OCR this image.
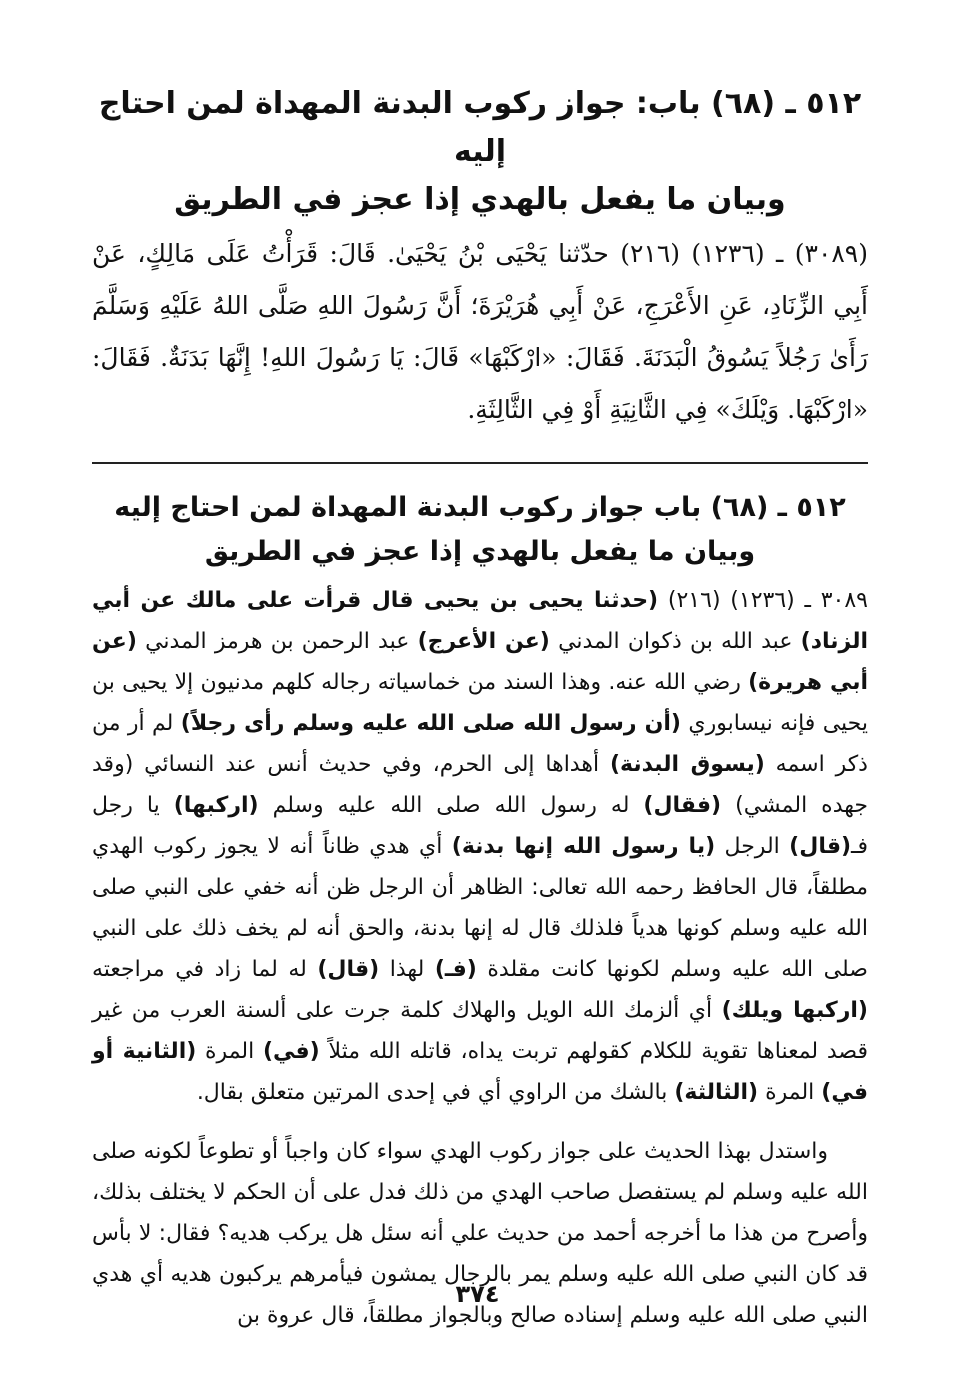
٥١٢ ـ (٦٨) باب: جواز ركوب البدنة المهداة لمن احتاج إليه
وبيان ما يفعل بالهدي إذا عجز في الطريق

(٣٠٨٩) ـ (١٢٣٦) (٢١٦) حدّثنا يَحْيَى بْنُ يَحْيَىٰ. قَالَ: قَرَأْتُ عَلَى مَالِكٍ، عَنْ أَبِي الزِّنَادِ، عَنِ الأَعْرَجِ، عَنْ أَبِي هُرَيْرَةَ؛ أَنَّ رَسُولَ اللهِ صَلَّى اللهُ عَلَيْهِ وَسَلَّمَ رَأَىٰ رَجُلاً يَسُوقُ الْبَدَنَةَ. فَقَالَ: «ارْكَبْهَا» قَالَ: يَا رَسُولَ اللهِ! إِنَّهَا بَدَنَةٌ. فَقَالَ: «ارْكَبْهَا. وَيْلَكَ» فِي الثَّانِيَةِ أَوْ فِي الثَّالِثَةِ.

٥١٢ ـ (٦٨) باب جواز ركوب البدنة المهداة لمن احتاج إليه
وبيان ما يفعل بالهدي إذا عجز في الطريق

٣٠٨٩ ـ (١٢٣٦) (٢١٦) (حدثنا يحيى بن يحيى قال قرأت على مالك عن أبي الزناد) عبد الله بن ذكوان المدني (عن الأعرج) عبد الرحمن بن هرمز المدني (عن أبي هريرة) رضي الله عنه. وهذا السند من خماسياته رجاله كلهم مدنيون إلا يحيى بن يحيى فإنه نيسابوري (أن رسول الله صلى الله عليه وسلم رأى رجلاً) لم أر من ذكر اسمه (يسوق البدنة) أهداها إلى الحرم، وفي حديث أنس عند النسائي (وقد جهده المشي) (فقال) له رسول الله صلى الله عليه وسلم (اركبها) يا رجل فـ(قال) الرجل (يا رسول الله إنها بدنة) أي هدي ظاناً أنه لا يجوز ركوب الهدي مطلقاً، قال الحافظ رحمه الله تعالى: الظاهر أن الرجل ظن أنه خفي على النبي صلى الله عليه وسلم كونها هدياً فلذلك قال له إنها بدنة، والحق أنه لم يخف ذلك على النبي صلى الله عليه وسلم لكونها كانت مقلدة (فـ) لهذا (قال) له لما زاد في مراجعته (اركبها ويلك) أي ألزمك الله الويل والهلاك كلمة جرت على ألسنة العرب من غير قصد لمعناها تقوية للكلام كقولهم تربت يداه، قاتله الله مثلاً (في) المرة (الثانية أو في) المرة (الثالثة) بالشك من الراوي أي في إحدى المرتين متعلق بقال.

واستدل بهذا الحديث على جواز ركوب الهدي سواء كان واجباً أو تطوعاً لكونه صلى الله عليه وسلم لم يستفصل صاحب الهدي من ذلك فدل على أن الحكم لا يختلف بذلك، وأصرح من هذا ما أخرجه أحمد من حديث علي أنه سئل هل يركب هديه؟ فقال: لا بأس قد كان النبي صلى الله عليه وسلم يمر بالرجال يمشون فيأمرهم يركبون هديه أي هدي النبي صلى الله عليه وسلم إسناده صالح وبالجواز مطلقاً، قال عروة بن

٣٧٤
